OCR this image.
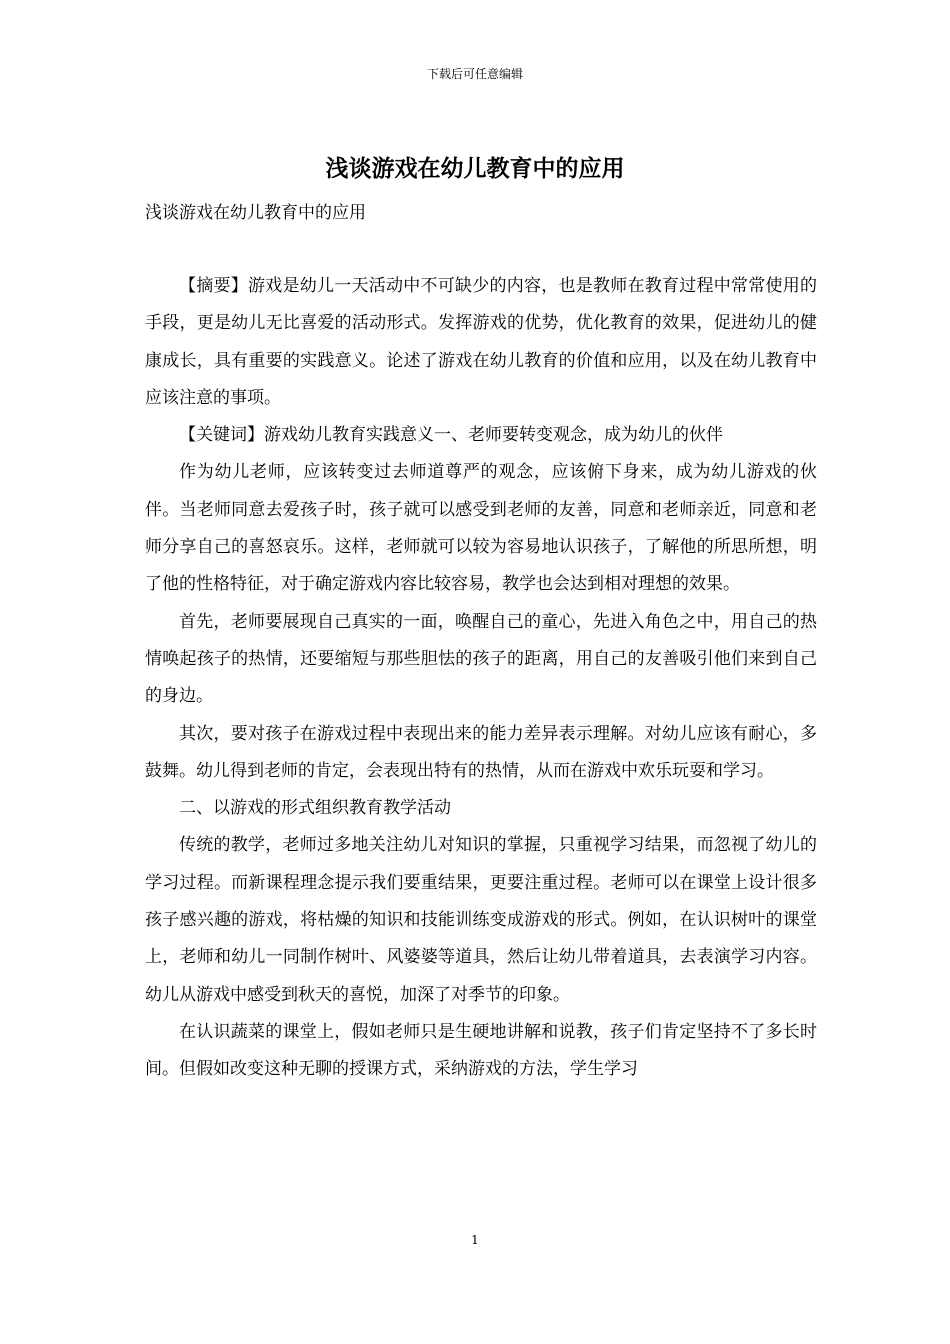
下载后可任意编辑
浅谈游戏在幼儿教育中的应用
浅谈游戏在幼儿教育中的应用

【摘要】游戏是幼儿一天活动中不可缺少的内容，也是教师在教育过程中常常使用的手段，更是幼儿无比喜爱的活动形式。发挥游戏的优势，优化教育的效果，促进幼儿的健康成长，具有重要的实践意义。论述了游戏在幼儿教育的价值和应用，以及在幼儿教育中应该注意的事项。

【关键词】游戏幼儿教育实践意义一、老师要转变观念，成为幼儿的伙伴

作为幼儿老师，应该转变过去师道尊严的观念，应该俯下身来，成为幼儿游戏的伙伴。当老师同意去爱孩子时，孩子就可以感受到老师的友善，同意和老师亲近，同意和老师分享自己的喜怒哀乐。这样，老师就可以较为容易地认识孩子，了解他的所思所想，明了他的性格特征，对于确定游戏内容比较容易，教学也会达到相对理想的效果。

首先，老师要展现自己真实的一面，唤醒自己的童心，先进入角色之中，用自己的热情唤起孩子的热情，还要缩短与那些胆怯的孩子的距离，用自己的友善吸引他们来到自己的身边。

其次，要对孩子在游戏过程中表现出来的能力差异表示理解。对幼儿应该有耐心，多鼓舞。幼儿得到老师的肯定，会表现出特有的热情，从而在游戏中欢乐玩耍和学习。

二、以游戏的形式组织教育教学活动

传统的教学，老师过多地关注幼儿对知识的掌握，只重视学习结果，而忽视了幼儿的学习过程。而新课程理念提示我们要重结果，更要注重过程。老师可以在课堂上设计很多孩子感兴趣的游戏，将枯燥的知识和技能训练变成游戏的形式。例如，在认识树叶的课堂上，老师和幼儿一同制作树叶、风婆婆等道具，然后让幼儿带着道具，去表演学习内容。幼儿从游戏中感受到秋天的喜悦，加深了对季节的印象。

在认识蔬菜的课堂上，假如老师只是生硬地讲解和说教，孩子们肯定坚持不了多长时间。但假如改变这种无聊的授课方式，采纳游戏的方法，学生学习

1
